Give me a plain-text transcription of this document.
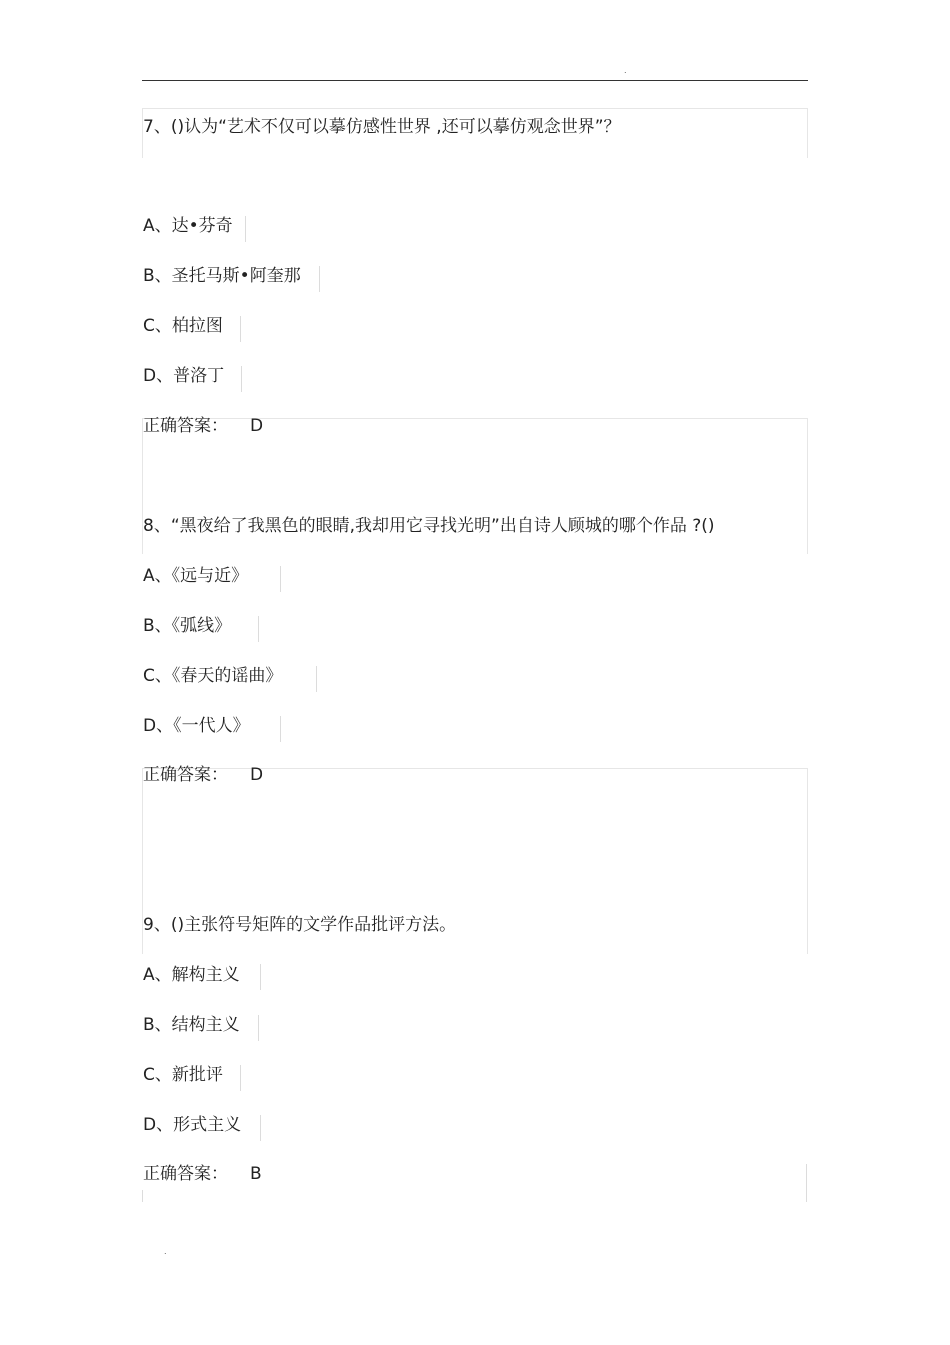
.
7、()认为“艺术不仅可以摹仿感性世界 ,还可以摹仿观念世界”？
A、达•芬奇
B、圣托马斯•阿奎那
C、柏拉图
D、普洛丁
正确答案： D
8、“黑夜给了我黑色的眼睛,我却用它寻找光明”出自诗人顾城的哪个作品 ?()
A、《远与近》
B、《弧线》
C、《春天的谣曲》
D、《一代人》
正确答案： D
9、()主张符号矩阵的文学作品批评方法。
A、解构主义
B、结构主义
C、新批评
D、形式主义
正确答案： B
.
